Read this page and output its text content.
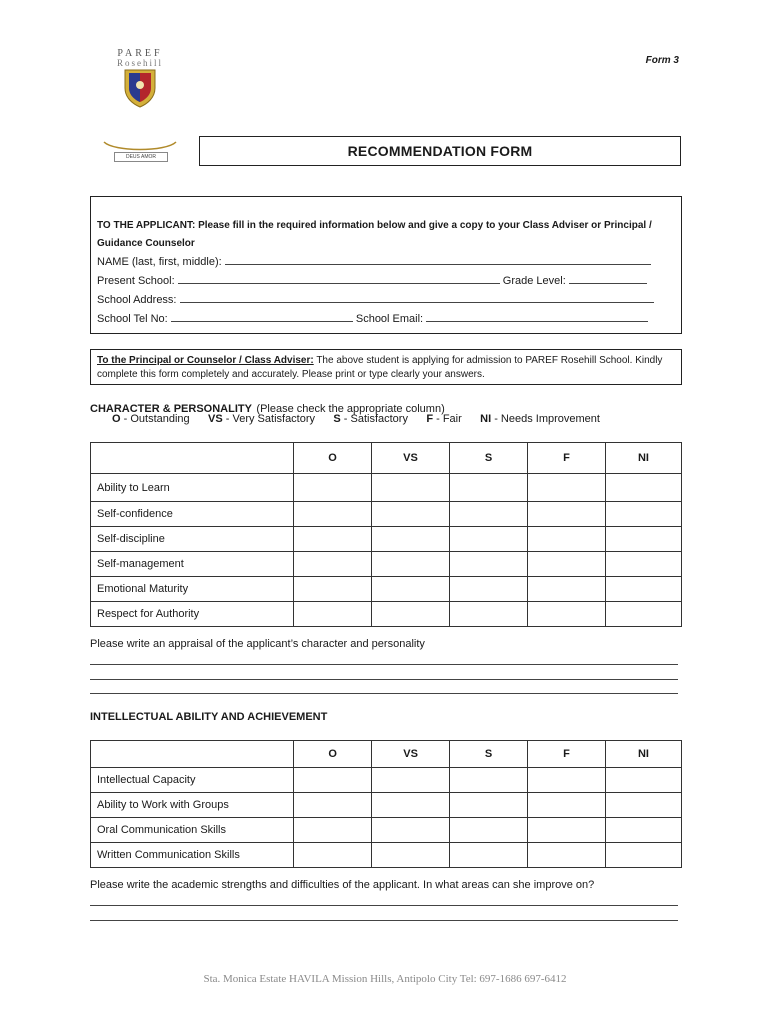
PAREF
Rosehill
DEUS AMOR
Form 3
RECOMMENDATION FORM
TO THE APPLICANT: Please fill in the required information below and give a copy to your Class Adviser or Principal / Guidance Counselor
NAME (last, first, middle):
Present School:	Grade Level:
School Address:
School Tel No:	School Email:
To the Principal or Counselor / Class Adviser: The above student is applying for admission to PAREF Rosehill School. Kindly complete this form completely and accurately. Please print or type clearly your answers.
CHARACTER & PERSONALITY (Please check the appropriate column)
O - Outstanding VS - Very Satisfactory S - Satisfactory F - Fair NI - Needs Improvement
	O	VS	S	F	NI
Ability to Learn					
Self-confidence					
Self-discipline					
Self-management					
Emotional Maturity					
Respect for Authority					
Please write an appraisal of the applicant’s character and personality
INTELLECTUAL ABILITY AND ACHIEVEMENT
	O	VS	S	F	NI
Intellectual Capacity					
Ability to Work with Groups					
Oral Communication Skills					
Written Communication Skills					
Please write the academic strengths and difficulties of the applicant. In what areas can she improve on?
Sta. Monica Estate HAVILA Mission Hills, Antipolo City Tel: 697-1686 697-6412
